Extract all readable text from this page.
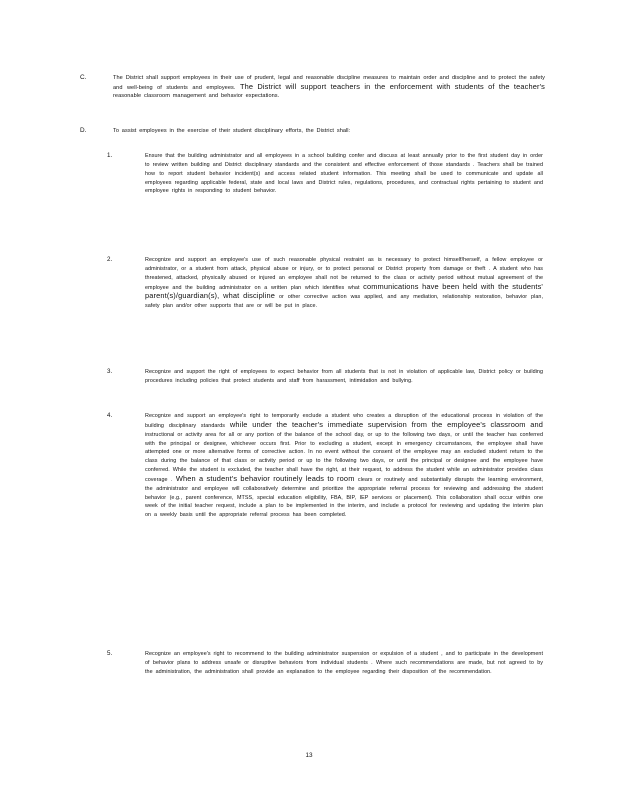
C.	The District shall support employees in their use of prudent, legal and reasonable discipline measures to maintain order and discipline and to protect the safety and well-being of students and employees. The District will support teachers in the enforcement with students of the teacher's reasonable classroom management and behavior expectations.
D.	To assist employees in the exercise of their student disciplinary efforts, the District shall:
1.	Ensure that the building administrator and all employees in a school building confer and discuss at least annually prior to the first student day in order to review written building and District disciplinary standards and the consistent and effective enforcement of those standards . Teachers shall be trained how to report student behavior incident(s) and access related student information. This meeting shall be used to communicate and update all employees regarding applicable federal, state and local laws and District rules, regulations, procedures, and contractual rights pertaining to student and employee rights in responding to student behavior.
2.	Recognize and support an employee's use of such reasonable physical restraint as is necessary to protect himself/herself, a fellow employee or administrator, or a student from attack, physical abuse or injury, or to protect personal or District property from damage or theft . A student who has threatened, attacked, physically abused or injured an employee shall not be returned to the class or activity period without mutual agreement of the employee and the building administrator on a written plan which identifies what communications have been held with the students' parent(s)/guardian(s), what discipline or other corrective action was applied, and any mediation, relationship restoration, behavior plan, safety plan and/or other supports that are or will be put in place.
3.	Recognize and support the right of employees to expect behavior from all students that is not in violation of applicable law, District policy or building procedures including policies that protect students and staff from harassment, intimidation and bullying.
4.	Recognize and support an employee's right to temporarily exclude a student who creates a disruption of the educational process in violation of the building disciplinary standards while under the teacher's immediate supervision from the employee's classroom and instructional or activity area for all or any portion of the balance of the school day, or up to the following two days, or until the teacher has conferred with the principal or designee, whichever occurs first. Prior to excluding a student, except in emergency circumstances, the employee shall have attempted one or more alternative forms of corrective action. In no event without the consent of the employee may an excluded student return to the class during the balance of that class or activity period or up to the following two days, or until the principal or designee and the employee have conferred. While the student is excluded, the teacher shall have the right, at their request, to address the student while an administrator provides class coverage . When a student's behavior routinely leads to room clears or routinely and substantially disrupts the learning environment, the administrator and employee will collaboratively determine and prioritize the appropriate referral process for reviewing and addressing the student behavior (e.g., parent conference, MTSS, special education eligibility, FBA, BIP, IEP services or placement). This collaboration shall occur within one week of the initial teacher request, include a plan to be implemented in the interim, and include a protocol for reviewing and updating the interim plan on a weekly basis until the appropriate referral process has been completed.
5.	Recognize an employee's right to recommend to the building administrator suspension or expulsion of a student , and to participate in the development of behavior plans to address unsafe or disruptive behaviors from individual students . Where such recommendations are made, but not agreed to by the administration, the administration shall provide an explanation to the employee regarding their disposition of the recommendation.
13
